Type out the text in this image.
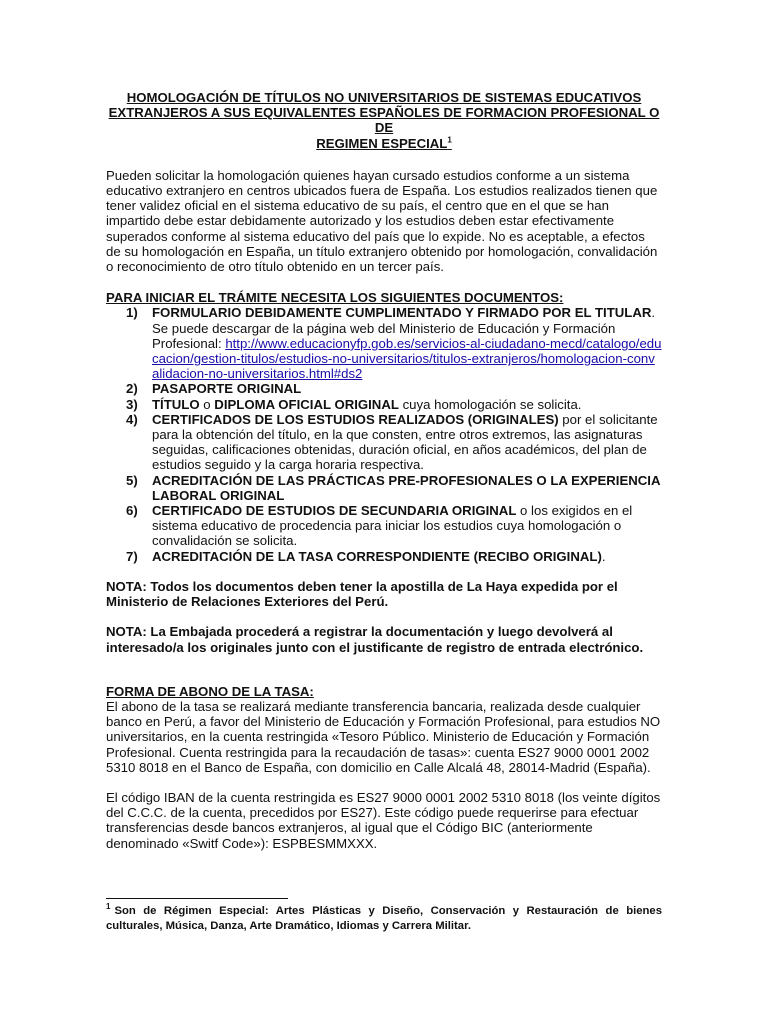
HOMOLOGACIÓN DE TÍTULOS NO UNIVERSITARIOS DE SISTEMAS EDUCATIVOS
EXTRANJEROS A SUS EQUIVALENTES ESPAÑOLES DE FORMACION PROFESIONAL O DE
REGIMEN ESPECIAL$^1$

Pueden solicitar la homologación quienes hayan cursado estudios conforme a un sistema educativo extranjero en centros ubicados fuera de España. Los estudios realizados tienen que tener validez oficial en el sistema educativo de su país, el centro que en el que se han impartido debe estar debidamente autorizado y los estudios deben estar efectivamente superados conforme al sistema educativo del país que lo expide. No es aceptable, a efectos de su homologación en España, un título extranjero obtenido por homologación, convalidación o reconocimiento de otro título obtenido en un tercer país.

PARA INICIAR EL TRÁMITE NECESITA LOS SIGUIENTES DOCUMENTOS:

1) FORMULARIO DEBIDAMENTE CUMPLIMENTADO Y FIRMADO POR EL TITULAR. Se puede descargar de la página web del Ministerio de Educación y Formación Profesional: http://www.educacionyfp.gob.es/servicios-al-ciudadano-mecd/catalogo/educacion/gestion-titulos/estudios-no-universitarios/titulos-extranjeros/homologacion-convalidacion-no-universitarios.html#ds2
2) PASAPORTE ORIGINAL
3) TÍTULO o DIPLOMA OFICIAL ORIGINAL cuya homologación se solicita.
4) CERTIFICADOS DE LOS ESTUDIOS REALIZADOS (ORIGINALES) por el solicitante para la obtención del título, en la que consten, entre otros extremos, las asignaturas seguidas, calificaciones obtenidas, duración oficial, en años académicos, del plan de estudios seguido y la carga horaria respectiva.
5) ACREDITACIÓN DE LAS PRÁCTICAS PRE-PROFESIONALES O LA EXPERIENCIA LABORAL ORIGINAL
6) CERTIFICADO DE ESTUDIOS DE SECUNDARIA ORIGINAL o los exigidos en el sistema educativo de procedencia para iniciar los estudios cuya homologación o convalidación se solicita.
7) ACREDITACIÓN DE LA TASA CORRESPONDIENTE (RECIBO ORIGINAL).

NOTA: Todos los documentos deben tener la apostilla de La Haya expedida por el Ministerio de Relaciones Exteriores del Perú.

NOTA: La Embajada procederá a registrar la documentación y luego devolverá al interesado/a los originales junto con el justificante de registro de entrada electrónico.

FORMA DE ABONO DE LA TASA:

El abono de la tasa se realizará mediante transferencia bancaria, realizada desde cualquier banco en Perú, a favor del Ministerio de Educación y Formación Profesional, para estudios NO universitarios, en la cuenta restringida «Tesoro Público. Ministerio de Educación y Formación Profesional. Cuenta restringida para la recaudación de tasas»: cuenta ES27 9000 0001 2002 5310 8018 en el Banco de España, con domicilio en Calle Alcalá 48, 28014-Madrid (España).

El código IBAN de la cuenta restringida es ES27 9000 0001 2002 5310 8018 (los veinte dígitos del C.C.C. de la cuenta, precedidos por ES27). Este código puede requerirse para efectuar transferencias desde bancos extranjeros, al igual que el Código BIC (anteriormente denominado «Switf Code»): ESPBESMMXXX.

$^1$ Son de Régimen Especial: Artes Plásticas y Diseño, Conservación y Restauración de bienes culturales, Música, Danza, Arte Dramático, Idiomas y Carrera Militar.
